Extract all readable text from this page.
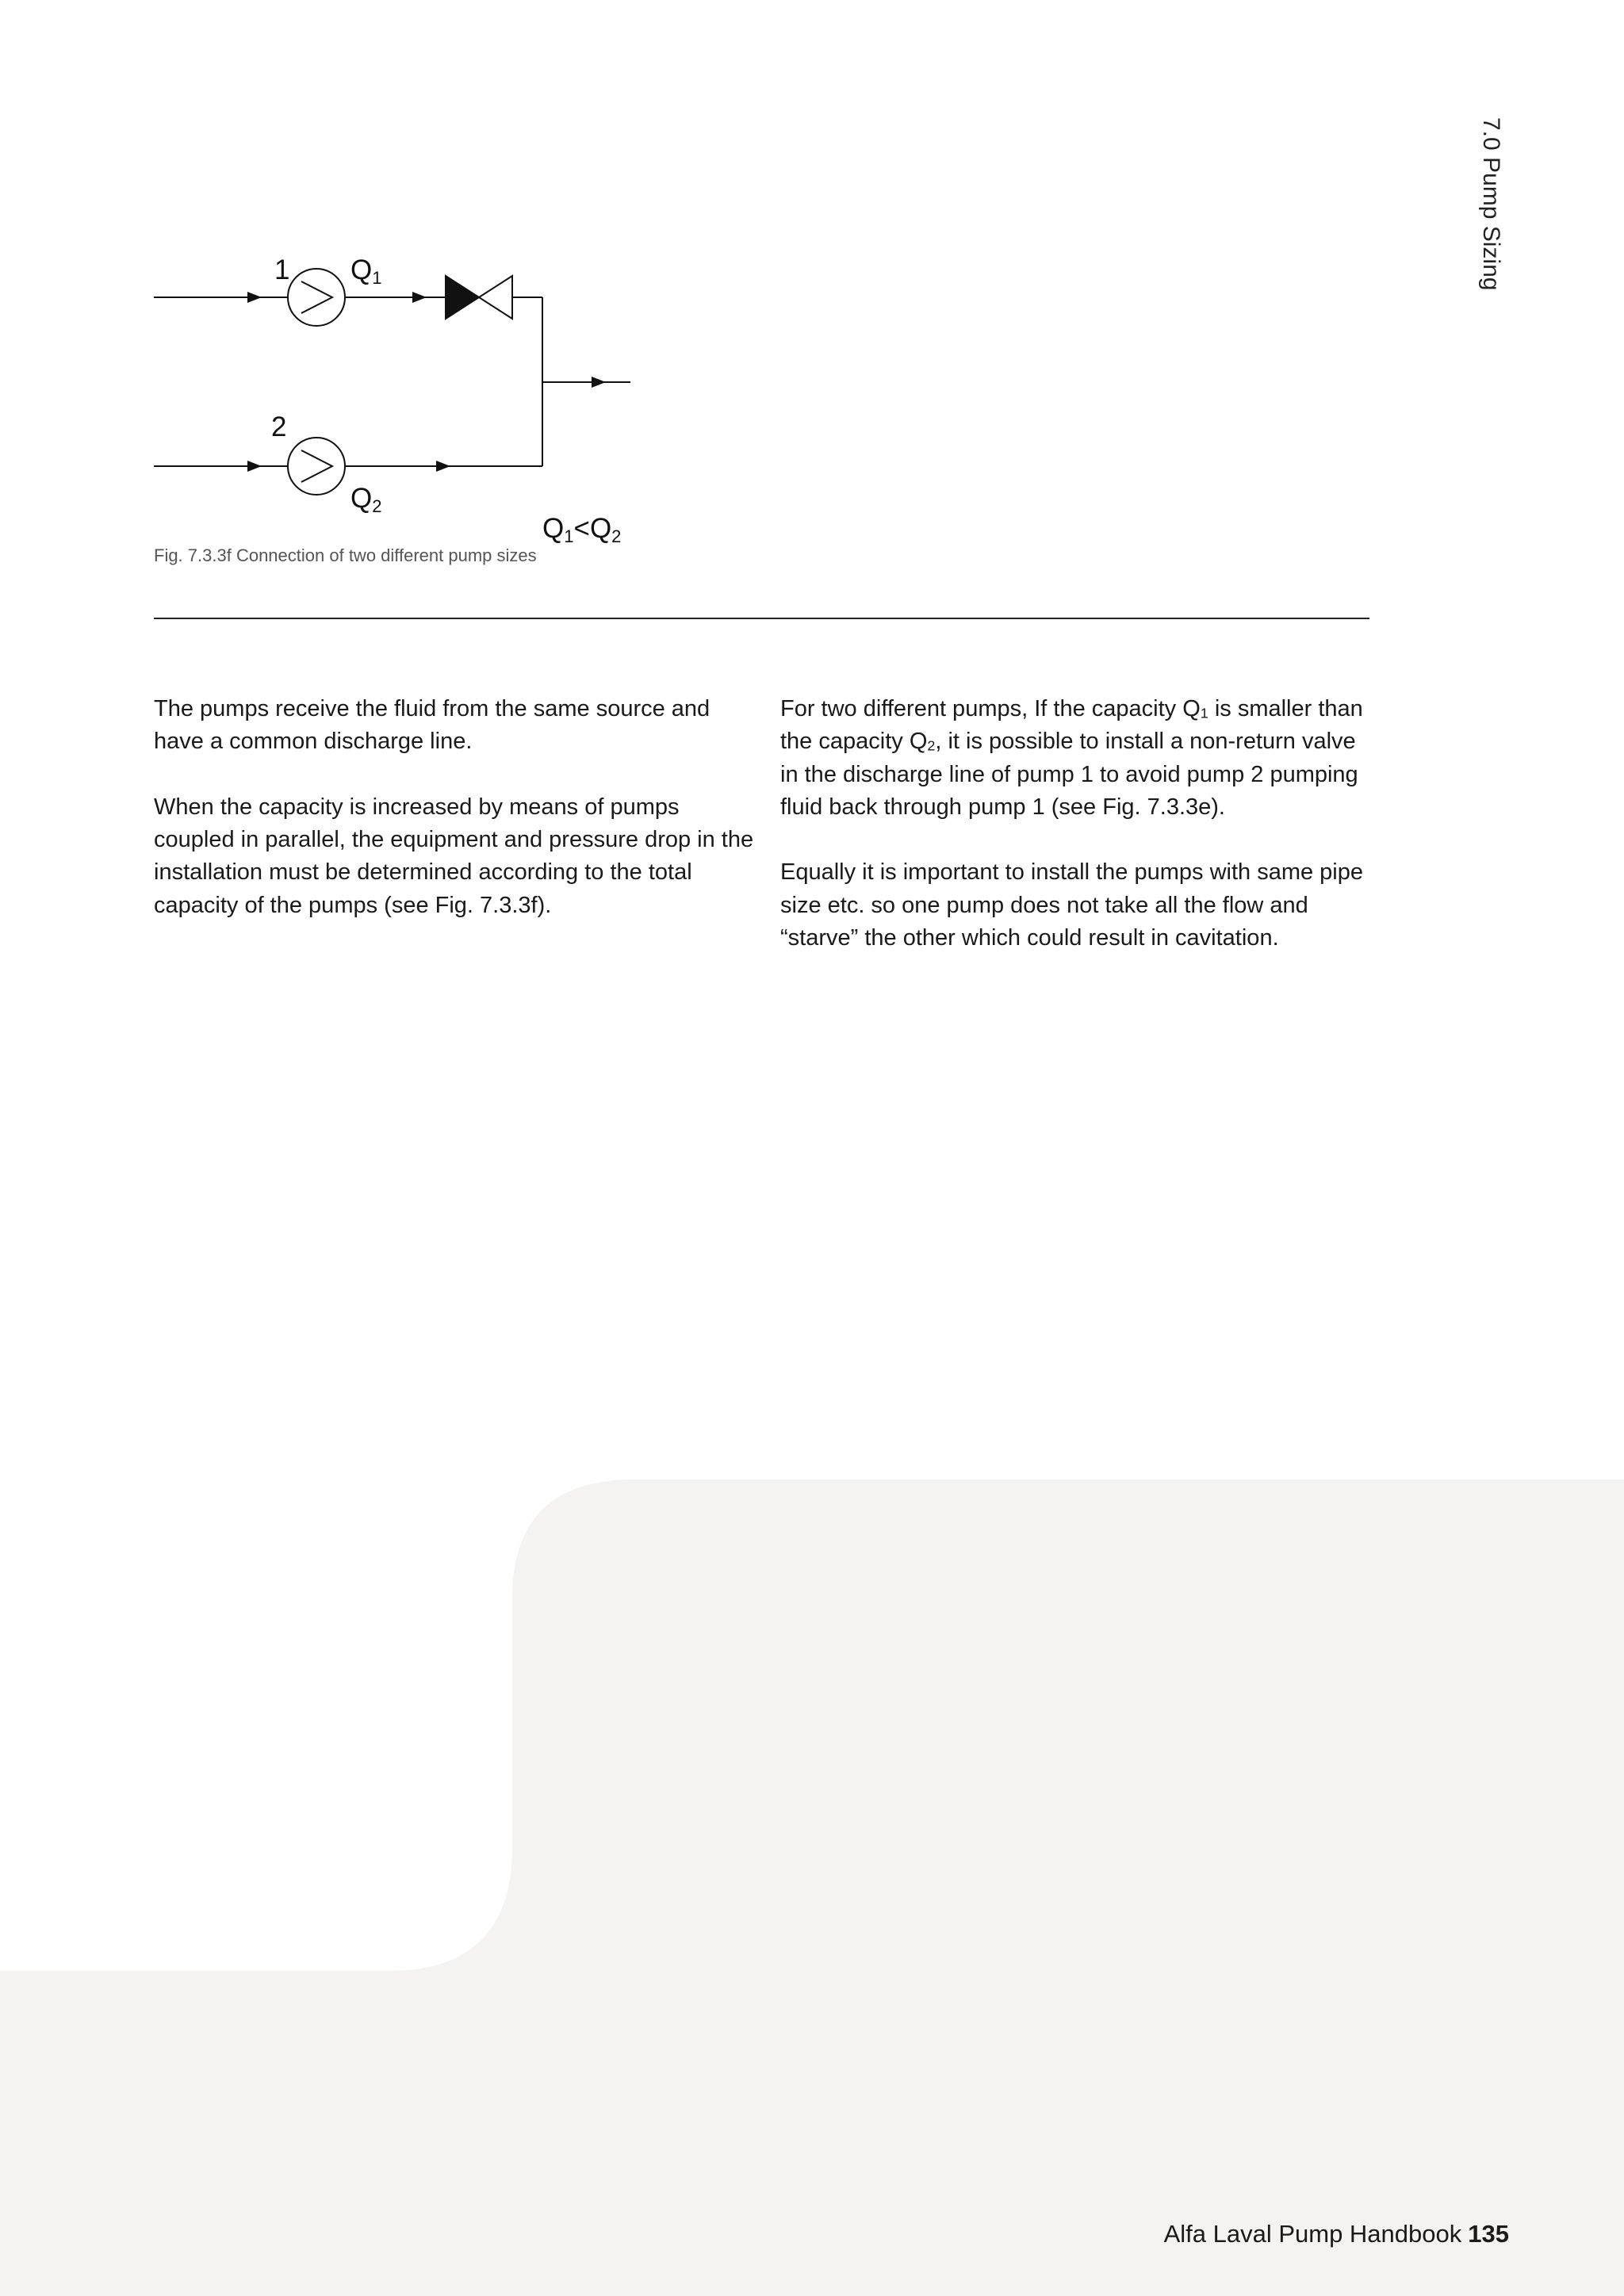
7.0 Pump Sizing
1 Q1
2
Q2
Q1<Q2
Fig. 7.3.3f Connection of two different pump sizes

The pumps receive the fluid from the same source and have a common discharge line.

When the capacity is increased by means of pumps coupled in parallel, the equipment and pressure drop in the installation must be determined according to the total capacity of the pumps (see Fig. 7.3.3f).

For two different pumps, If the capacity $Q_1$ is smaller than the capacity $Q_2$, it is possible to install a non-return valve in the discharge line of pump 1 to avoid pump 2 pumping fluid back through pump 1 (see Fig. 7.3.3e).

Equally it is important to install the pumps with same pipe size etc. so one pump does not take all the flow and “starve” the other which could result in cavitation.

Alfa Laval Pump Handbook 135
